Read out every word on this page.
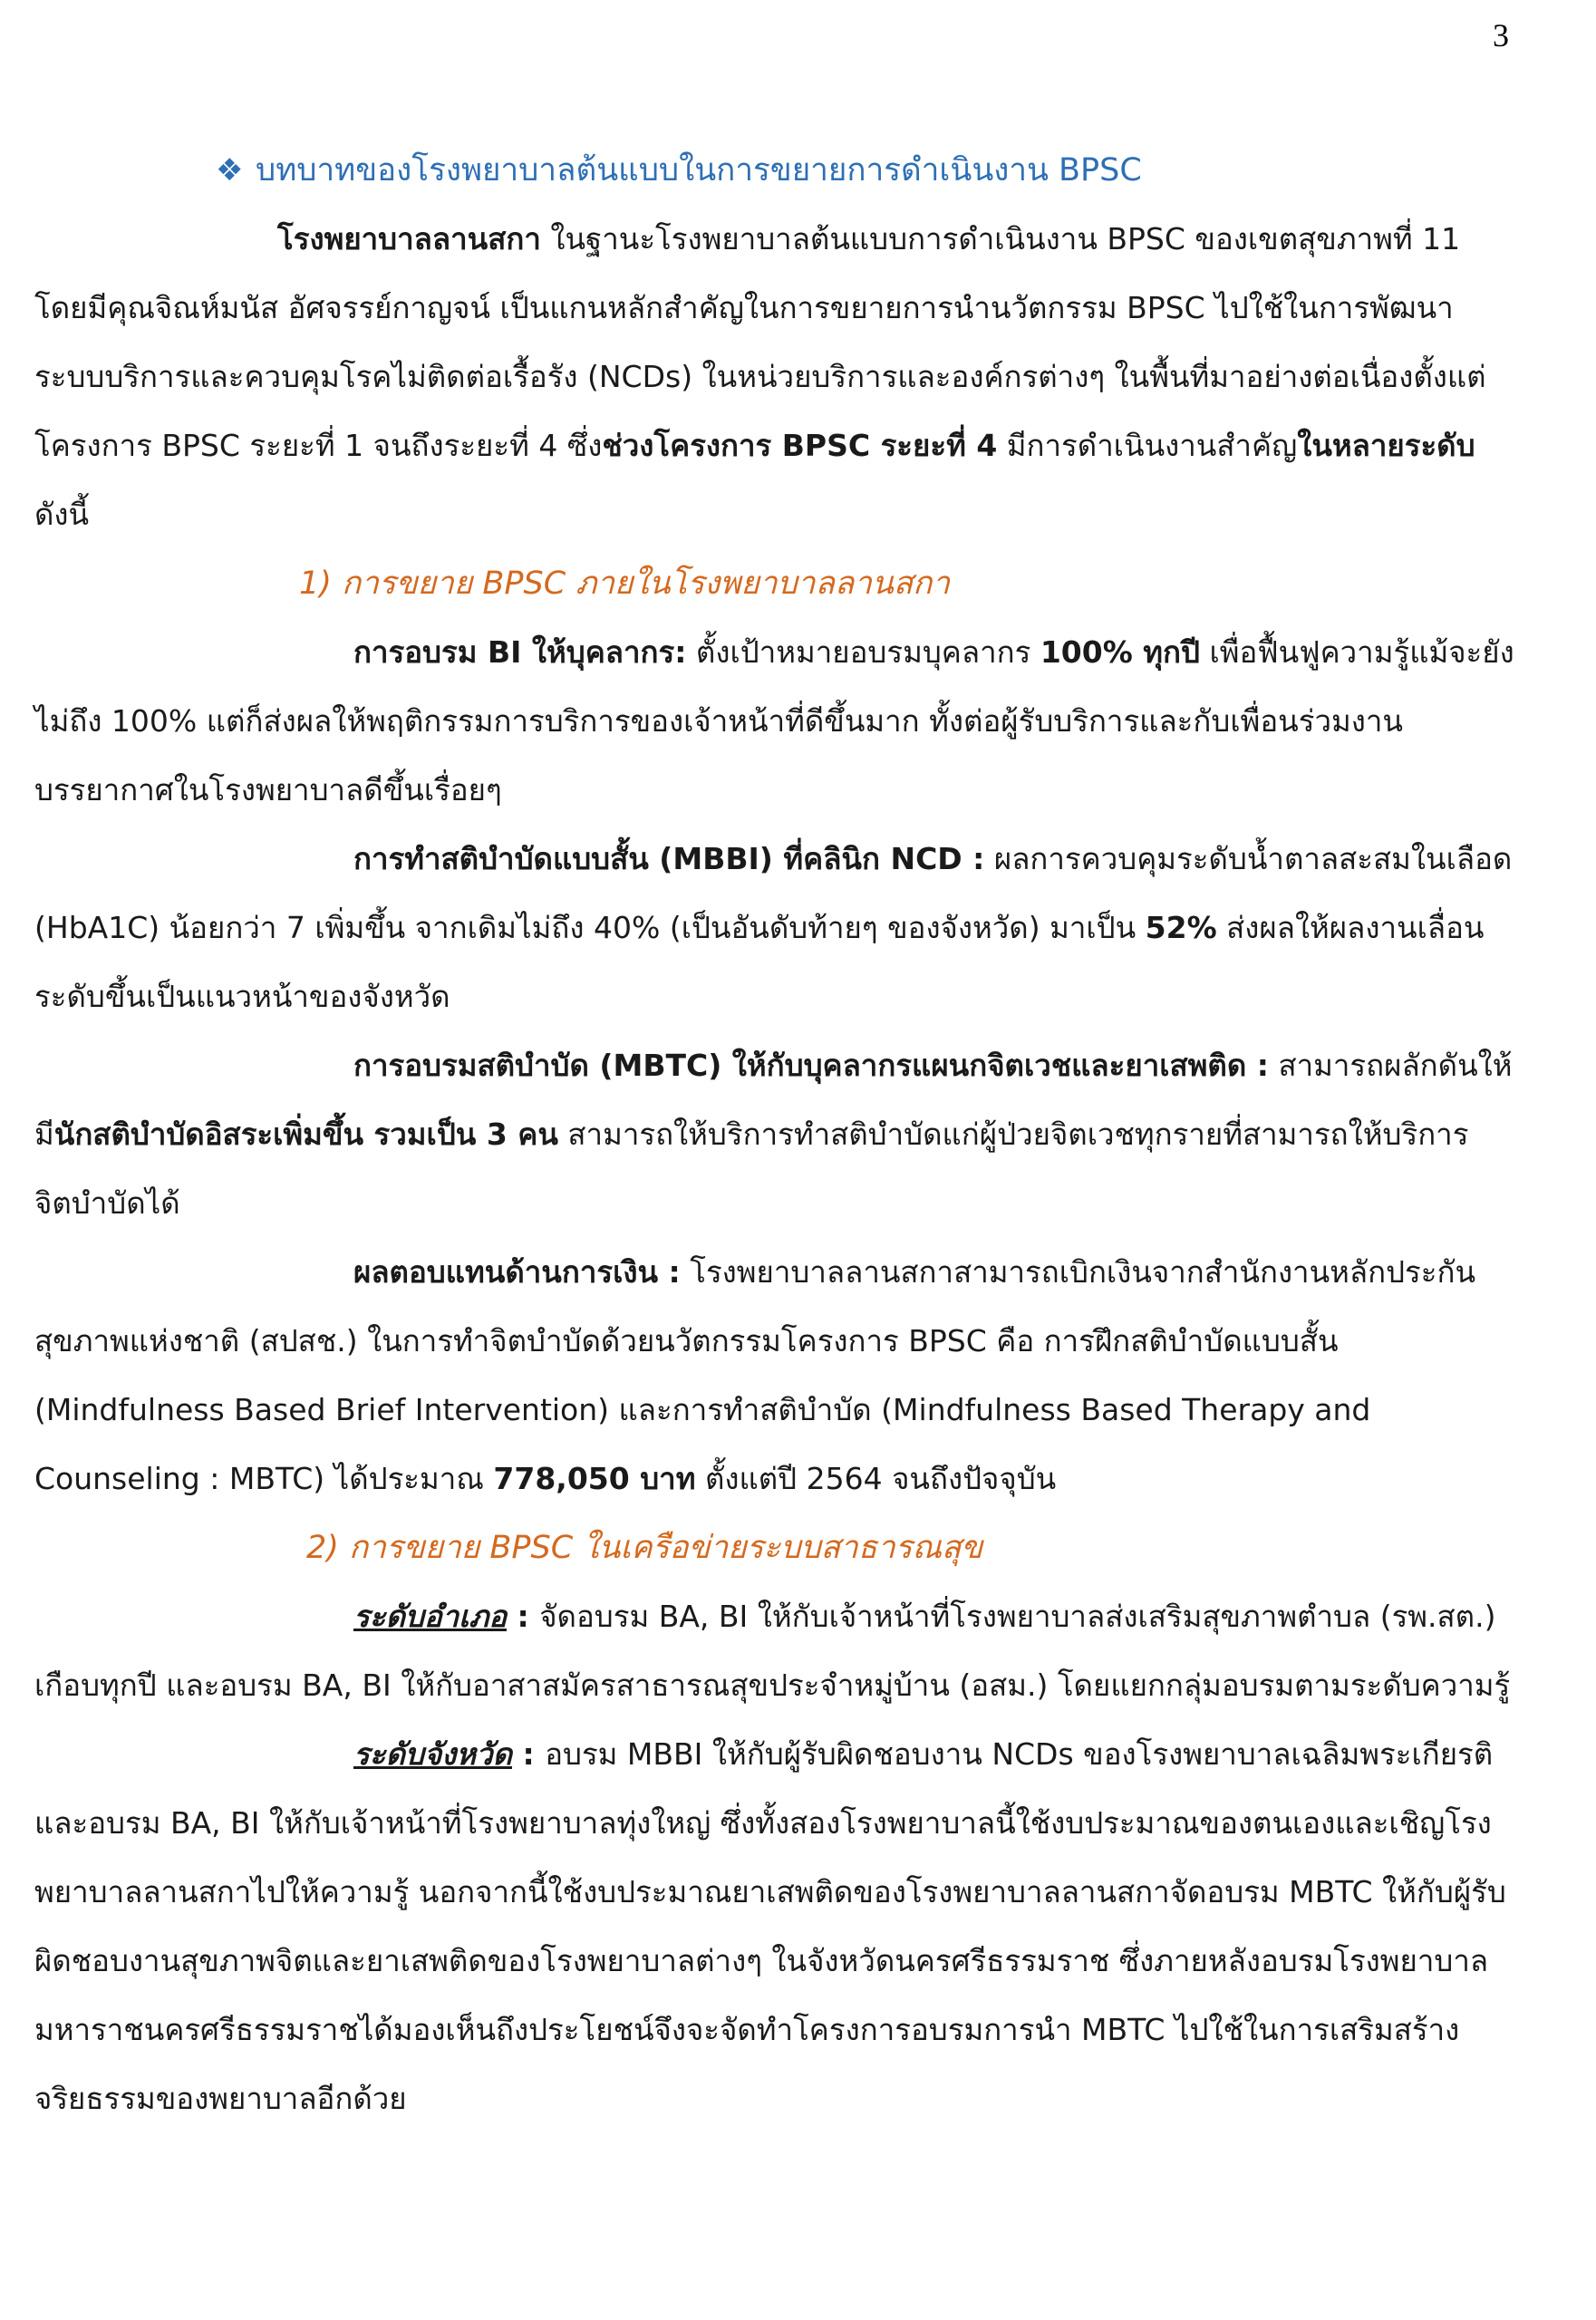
3

❖ บทบาทของโรงพยาบาลต้นแบบในการขยายการดำเนินงาน BPSC

โรงพยาบาลลานสกา ในฐานะโรงพยาบาลต้นแบบการดำเนินงาน BPSC ของเขตสุขภาพที่ 11 โดยมีคุณจิณห์มนัส อัศจรรย์กาญจน์ เป็นแกนหลักสำคัญในการขยายการนำนวัตกรรม BPSC ไปใช้ในการพัฒนาระบบบริการและควบคุมโรคไม่ติดต่อเรื้อรัง (NCDs) ในหน่วยบริการและองค์กรต่างๆ ในพื้นที่มาอย่างต่อเนื่องตั้งแต่โครงการ BPSC ระยะที่ 1 จนถึงระยะที่ 4 ซึ่งช่วงโครงการ BPSC ระยะที่ 4 มีการดำเนินงานสำคัญในหลายระดับ ดังนี้

1) การขยาย BPSC ภายในโรงพยาบาลลานสกา

การอบรม BI ให้บุคลากร: ตั้งเป้าหมายอบรมบุคลากร 100% ทุกปี เพื่อฟื้นฟูความรู้แม้จะยังไม่ถึง 100% แต่ก็ส่งผลให้พฤติกรรมการบริการของเจ้าหน้าที่ดีขึ้นมาก ทั้งต่อผู้รับบริการและกับเพื่อนร่วมงาน บรรยากาศในโรงพยาบาลดีขึ้นเรื่อยๆ

การทำสติบำบัดแบบสั้น (MBBI) ที่คลินิก NCD : ผลการควบคุมระดับน้ำตาลสะสมในเลือด (HbA1C) น้อยกว่า 7 เพิ่มขึ้น จากเดิมไม่ถึง 40% (เป็นอันดับท้ายๆ ของจังหวัด) มาเป็น 52% ส่งผลให้ผลงานเลื่อนระดับขึ้นเป็นแนวหน้าของจังหวัด

การอบรมสติบำบัด (MBTC) ให้กับบุคลากรแผนกจิตเวชและยาเสพติด : สามารถผลักดันให้มีนักสติบำบัดอิสระเพิ่มขึ้น รวมเป็น 3 คน สามารถให้บริการทำสติบำบัดแก่ผู้ป่วยจิตเวชทุกรายที่สามารถให้บริการจิตบำบัดได้

ผลตอบแทนด้านการเงิน : โรงพยาบาลลานสกาสามารถเบิกเงินจากสำนักงานหลักประกันสุขภาพแห่งชาติ (สปสช.) ในการทำจิตบำบัดด้วยนวัตกรรมโครงการ BPSC คือ การฝึกสติบำบัดแบบสั้น (Mindfulness Based Brief Intervention) และการทำสติบำบัด (Mindfulness Based Therapy and Counseling : MBTC) ได้ประมาณ 778,050 บาท ตั้งแต่ปี 2564 จนถึงปัจจุบัน

2) การขยาย BPSC ในเครือข่ายระบบสาธารณสุข

ระดับอำเภอ : จัดอบรม BA, BI ให้กับเจ้าหน้าที่โรงพยาบาลส่งเสริมสุขภาพตำบล (รพ.สต.) เกือบทุกปี และอบรม BA, BI ให้กับอาสาสมัครสาธารณสุขประจำหมู่บ้าน (อสม.) โดยแยกกลุ่มอบรมตามระดับความรู้

ระดับจังหวัด : อบรม MBBI ให้กับผู้รับผิดชอบงาน NCDs ของโรงพยาบาลเฉลิมพระเกียรติและอบรม BA, BI ให้กับเจ้าหน้าที่โรงพยาบาลทุ่งใหญ่ ซึ่งทั้งสองโรงพยาบาลนี้ใช้งบประมาณของตนเองและเชิญโรงพยาบาลลานสกาไปให้ความรู้ นอกจากนี้ใช้งบประมาณยาเสพติดของโรงพยาบาลลานสกาจัดอบรม MBTC ให้กับผู้รับผิดชอบงานสุขภาพจิตและยาเสพติดของโรงพยาบาลต่างๆ ในจังหวัดนครศรีธรรมราช ซึ่งภายหลังอบรมโรงพยาบาลมหาราชนครศรีธรรมราชได้มองเห็นถึงประโยชน์จึงจะจัดทำโครงการอบรมการนำ MBTC ไปใช้ในการเสริมสร้างจริยธรรมของพยาบาลอีกด้วย
